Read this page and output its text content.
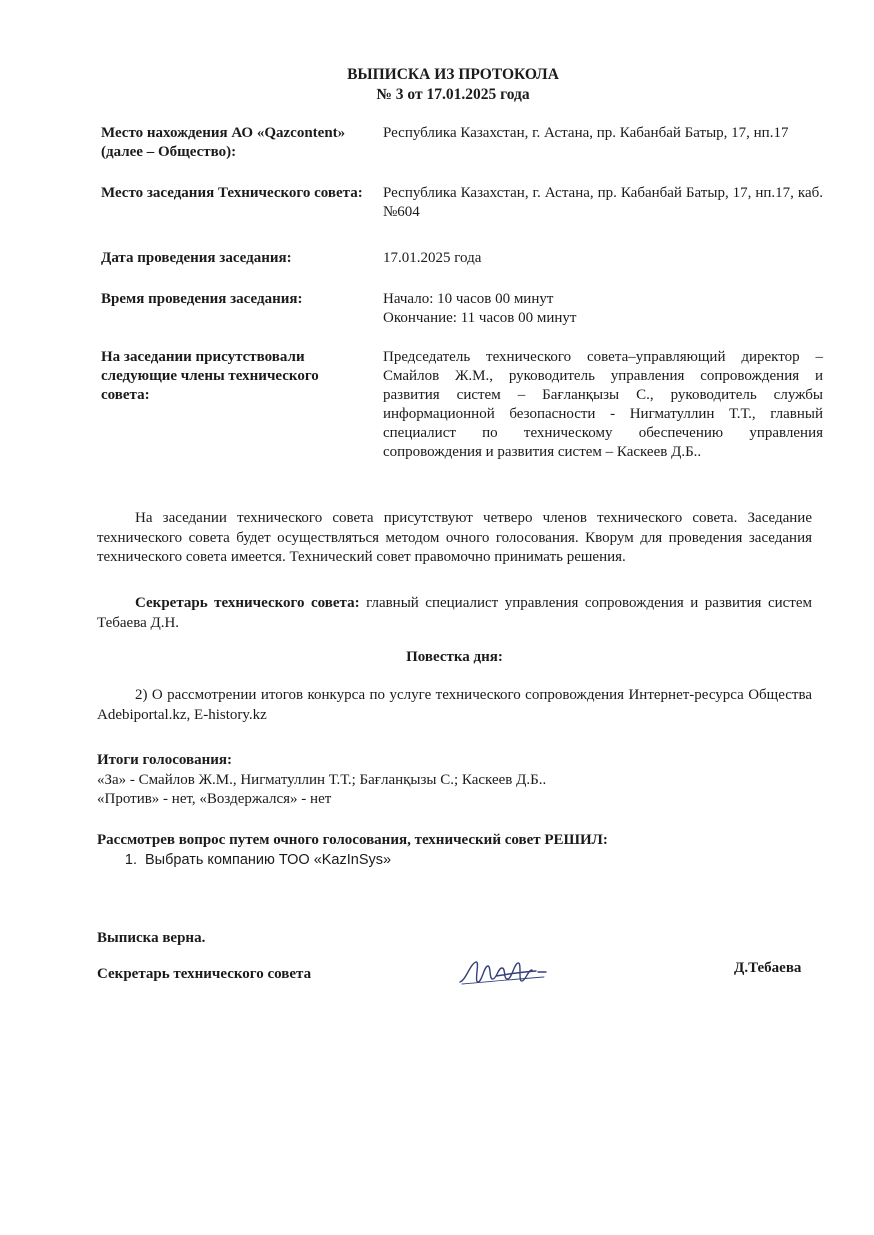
ВЫПИСКА ИЗ ПРОТОКОЛА
№ 3 от 17.01.2025 года
Место нахождения АО «Qazcontent» (далее – Общество):
Республика Казахстан, г. Астана, пр. Кабанбай Батыр, 17, нп.17
Место заседания Технического совета:	Республика Казахстан, г. Астана, пр. Кабанбай Батыр, 17, нп.17, каб. №604
Дата проведения заседания:	17.01.2025 года
Время проведения заседания:	Начало: 10 часов 00 минут
Окончание: 11 часов 00 минут
На заседании присутствовали следующие члены технического совета:
Председатель технического совета–управляющий директор – Смайлов Ж.М., руководитель управления сопровождения и развития систем – Бағланқызы С., руководитель службы информационной безопасности - Нигматуллин Т.Т., главный специалист по техническому обеспечению управления сопровождения и развития систем – Каскеев Д.Б..
На заседании технического совета присутствуют четверо членов технического совета. Заседание технического совета будет осуществляться методом очного голосования. Кворум для проведения заседания технического совета имеется. Технический совет правомочно принимать решения.
Секретарь технического совета: главный специалист управления сопровождения и развития систем Тебаева Д.Н.
Повестка дня:
2) О рассмотрении итогов конкурса по услуге технического сопровождения Интернет-ресурса Общества Adebiportal.kz, E-history.kz
Итоги голосования:
«За» - Смайлов Ж.М., Нигматуллин Т.Т.; Бағланқызы С.; Каскеев Д.Б..
«Против» - нет, «Воздержался» - нет
Рассмотрев вопрос путем очного голосования, технический совет РЕШИЛ:
1. Выбрать компанию ТОО «KazInSys»
Выписка верна.
Секретарь технического совета	Д.Тебаева
